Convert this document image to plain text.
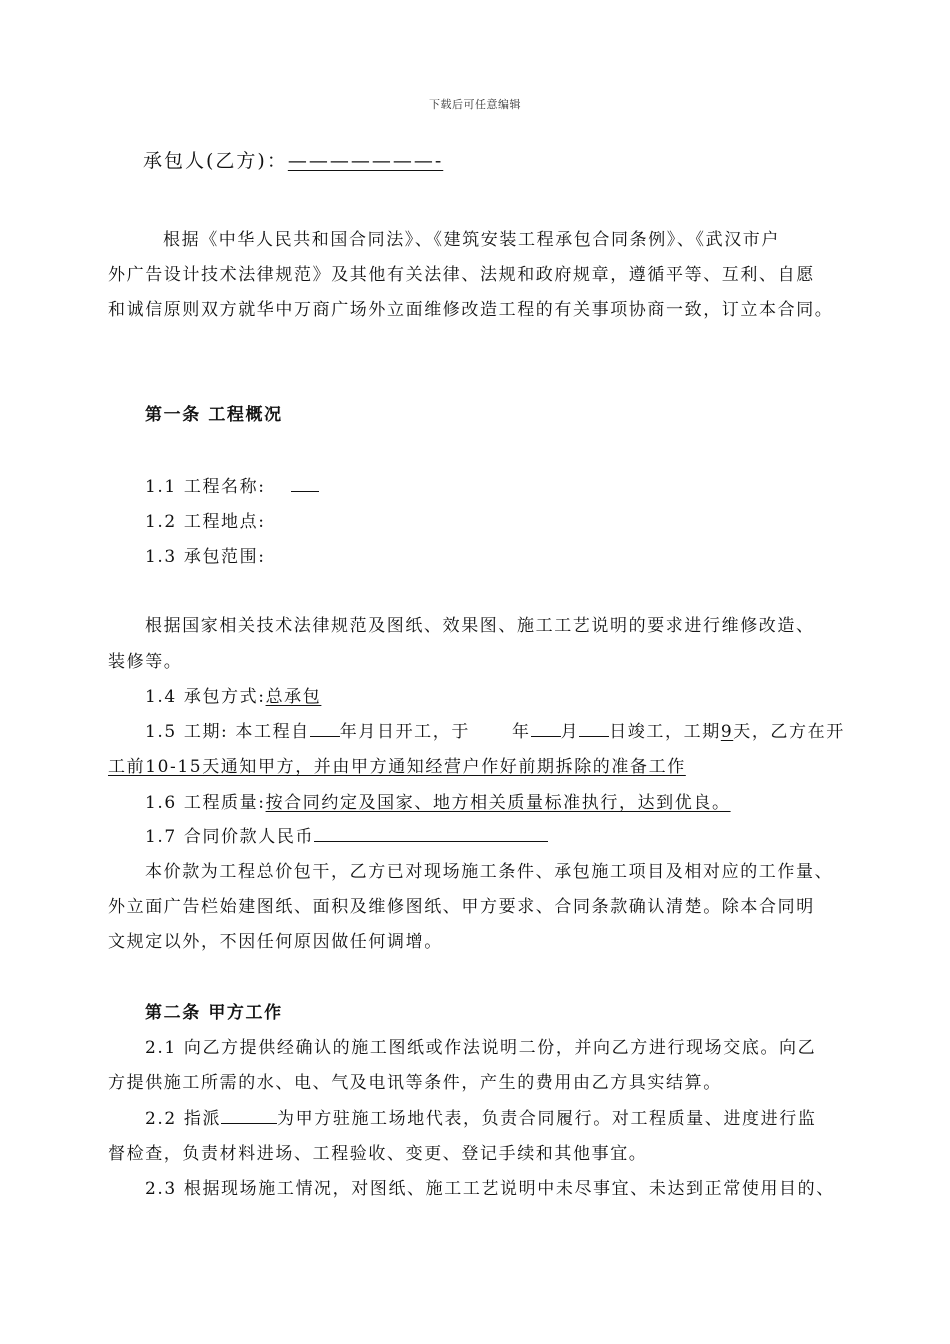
下载后可任意编辑
承包人(乙方)：———————-
根据《中华人民共和国合同法》、《建筑安装工程承包合同条例》、《武汉市户
外广告设计技术法律规范》及其他有关法律、法规和政府规章，遵循平等、互利、自愿
和诚信原则双方就华中万商广场外立面维修改造工程的有关事项协商一致，订立本合同。
第一条 工程概况
1.1 工程名称:
1.2 工程地点:
1.3 承包范围:
根据国家相关技术法律规范及图纸、效果图、施工工艺说明的要求进行维修改造、
装修等。
1.4 承包方式:总承包
1.5 工期: 本工程自 年月日开工，于 年 月 日竣工，工期9天，乙方在开
工前10-15天通知甲方，并由甲方通知经营户作好前期拆除的准备工作
1.6 工程质量:按合同约定及国家、地方相关质量标准执行，达到优良。
1.7 合同价款人民币
本价款为工程总价包干，乙方已对现场施工条件、承包施工项目及相对应的工作量、
外立面广告栏始建图纸、面积及维修图纸、甲方要求、合同条款确认清楚。除本合同明
文规定以外，不因任何原因做任何调增。
第二条 甲方工作
2.1 向乙方提供经确认的施工图纸或作法说明二份，并向乙方进行现场交底。向乙
方提供施工所需的水、电、气及电讯等条件，产生的费用由乙方具实结算。
2.2 指派	为甲方驻施工场地代表，负责合同履行。对工程质量、进度进行监
督检查，负责材料进场、工程验收、变更、登记手续和其他事宜。
2.3 根据现场施工情况，对图纸、施工工艺说明中未尽事宜、未达到正常使用目的、
